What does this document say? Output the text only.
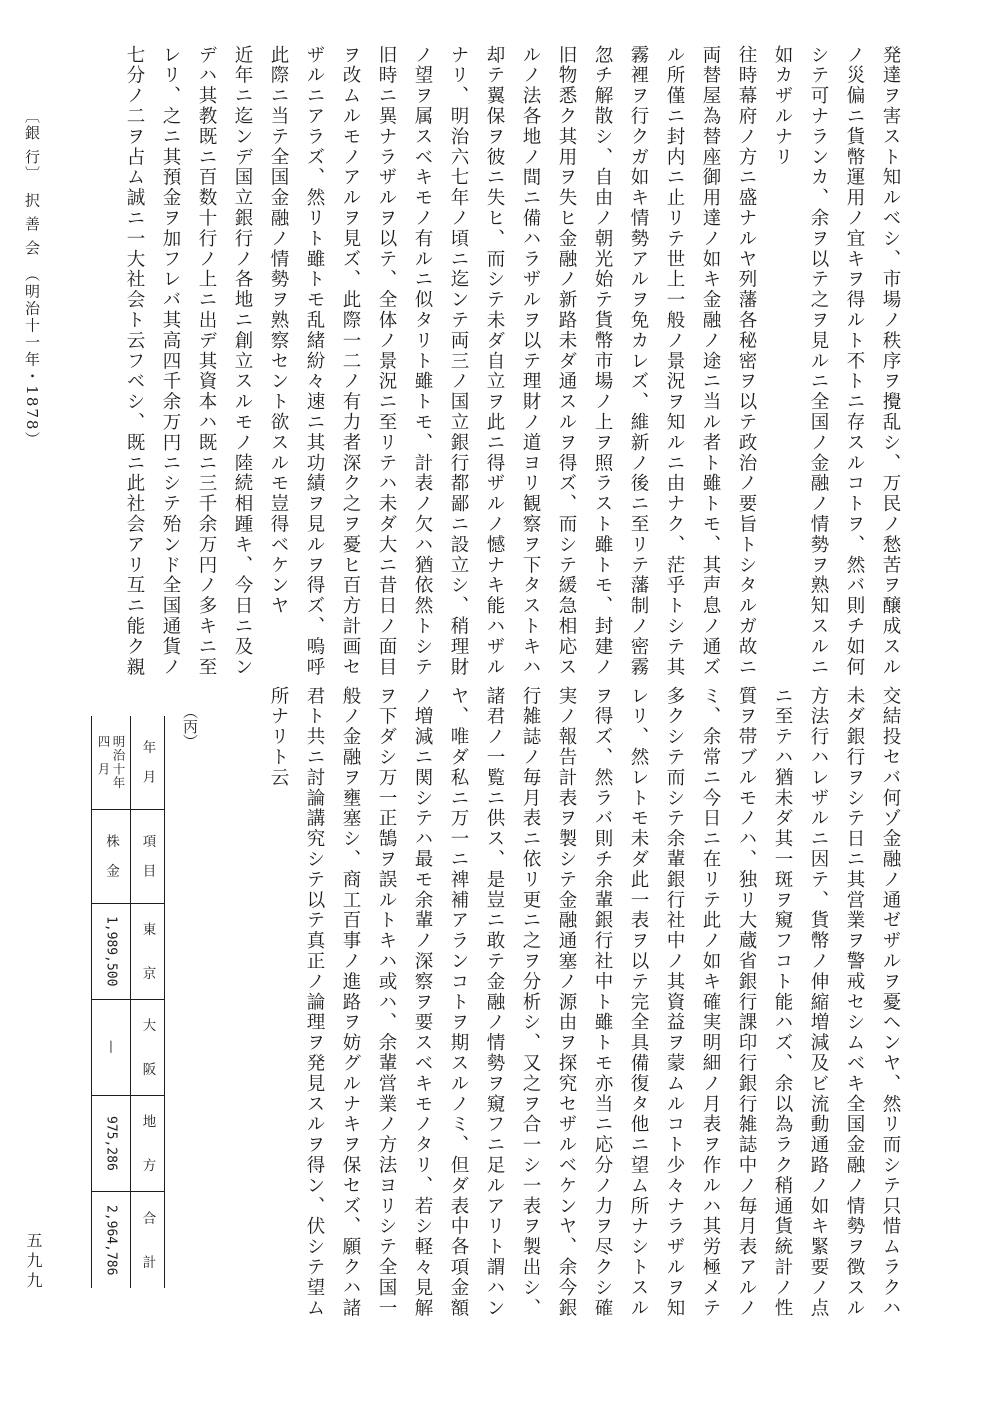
発達ヲ害スト知ルベシ、市場ノ秩序ヲ攪乱シ、万民ノ愁苦ヲ醸成スル
ノ災偏ニ貨幣運用ノ宜キヲ得ルト不トニ存スルコトヲ、然バ則チ如何
シテ可ナランカ、余ヲ以テ之ヲ見ルニ全国ノ金融ノ情勢ヲ熟知スルニ
如カザルナリ
往時幕府ノ方ニ盛ナルヤ列藩各秘密ヲ以テ政治ノ要旨トシタルガ故ニ
両替屋為替座御用達ノ如キ金融ノ途ニ当ル者ト雖トモ、其声息ノ通ズ
ル所僅ニ封内ニ止リテ世上一般ノ景況ヲ知ルニ由ナク、茫乎トシテ其
霧裡ヲ行クガ如キ情勢アルヲ免カレズ、維新ノ後ニ至リテ藩制ノ密霧
忽チ解散シ、自由ノ朝光始テ貨幣市場ノ上ヲ照ラスト雖トモ、封建ノ
旧物悉ク其用ヲ失ヒ金融ノ新路未ダ通スルヲ得ズ、而シテ緩急相応ス
ルノ法各地ノ間ニ備ハラザルヲ以テ理財ノ道ヨリ観察ヲ下タストキハ
却テ翼保ヲ彼ニ失ヒ、而シテ未ダ自立ヲ此ニ得ザルノ憾ナキ能ハザル
ナリ、明治六七年ノ頃ニ迄ンテ両三ノ国立銀行都鄙ニ設立シ、稍理財
ノ望ヲ属スベキモノ有ルニ似タリト雖トモ、計表ノ欠ハ猶依然トシテ
旧時ニ異ナラザルヲ以テ、全体ノ景況ニ至リテハ未ダ大ニ昔日ノ面目
ヲ改ムルモノアルヲ見ズ、此際一二ノ有力者深ク之ヲ憂ヒ百方計画セ
ザルニアラズ、然リト雖トモ乱緒紛々速ニ其功績ヲ見ルヲ得ズ、嗚呼
此際ニ当テ全国金融ノ情勢ヲ熟察セント欲スルモ豈得ベケンヤ
近年ニ迄ンデ国立銀行ノ各地ニ創立スルモノ陸続相踵キ、今日ニ及ン
デハ其教既ニ百数十行ノ上ニ出デ其資本ハ既ニ三千余万円ノ多キニ至
レリ、之ニ其預金ヲ加フレバ其高四千余万円ニシテ殆ンド全国通貨ノ
七分ノ二ヲ占ム誠ニ一大社会ト云フベシ、既ニ此社会アリ互ニ能ク親
交結投セバ何ゾ金融ノ通ゼザルヲ憂ヘンヤ、然リ而シテ只惜ムラクハ
未ダ銀行ヲシテ日ニ其営業ヲ警戒セシムベキ全国金融ノ情勢ヲ徴スル
方法行ハレザルニ因テ、貨幣ノ伸縮増減及ビ流動通路ノ如キ緊要ノ点
ニ至テハ猶未ダ其一斑ヲ窺フコト能ハズ、余以為ラク稍通貨統計ノ性
質ヲ帯ブルモノハ、独リ大蔵省銀行課印行銀行雑誌中ノ毎月表アルノ
ミ、余常ニ今日ニ在リテ此ノ如キ確実明細ノ月表ヲ作ルハ其労極メテ
多クシテ而シテ余輩銀行社中ノ其資益ヲ蒙ムルコト少々ナラザルヲ知
レリ、然レトモ未ダ此一表ヲ以テ完全具備復タ他ニ望ム所ナシトスル
ヲ得ズ、然ラバ則チ余輩銀行社中ト雖トモ亦当ニ応分ノ力ヲ尽クシ確
実ノ報告計表ヲ製シテ金融通塞ノ源由ヲ探究セザルベケンヤ、余今銀
行雑誌ノ毎月表ニ依リ更ニ之ヲ分析シ、又之ヲ合一シ一表ヲ製出シ、
諸君ノ一覧ニ供ス、是豈ニ敢テ金融ノ情勢ヲ窺フニ足ルアリト謂ハン
ヤ、唯ダ私ニ万一ニ禆補アランコトヲ期スルノミ、但ダ表中各項金額
ノ増減ニ関シテハ最モ余輩ノ深察ヲ要スベキモノタリ、若シ軽々見解
ヲ下ダシ万一正鵠ヲ誤ルトキハ或ハ、余輩営業ノ方法ヨリシテ全国一
般ノ金融ヲ壅塞シ、商工百事ノ進路ヲ妨グルナキヲ保セズ、願クハ諸
君ト共ニ討論講究シテ以テ真正ノ論理ヲ発見スルヲ得ン、伏シテ望ム
所ナリト云
〔銀 行〕　択 善 会　（明治十一年・1878）
五九九
（丙）
年　月
項　目
東　　京
大　　阪
地　　方
合　　計
明治十年
四　月
株　金
1,989,500
—
975,286
2,964,786
